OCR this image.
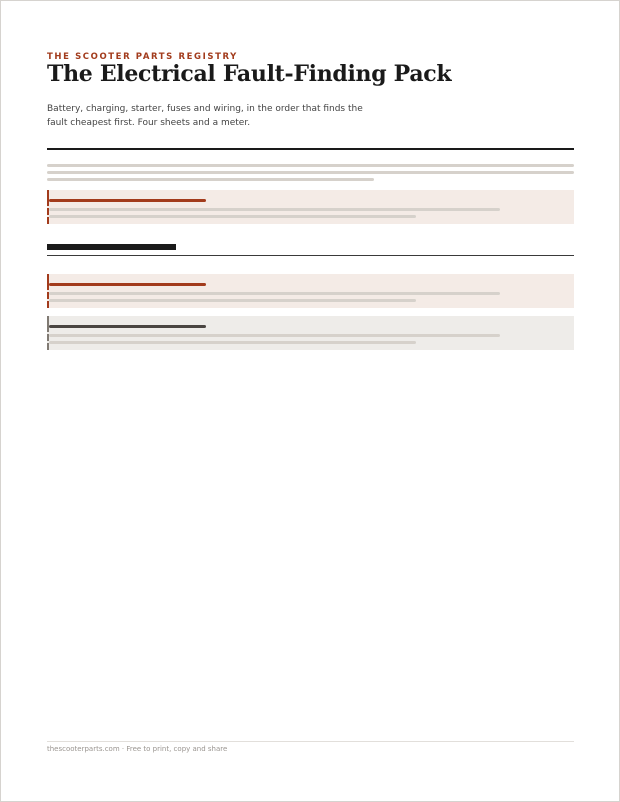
THE SCOOTER PARTS REGISTRY
The Electrical Fault-Finding Pack
Battery, charging, starter, fuses and wiring, in the order that finds the fault cheapest first. Four sheets and a meter.
thescooterparts.com · Free to print, copy and share
